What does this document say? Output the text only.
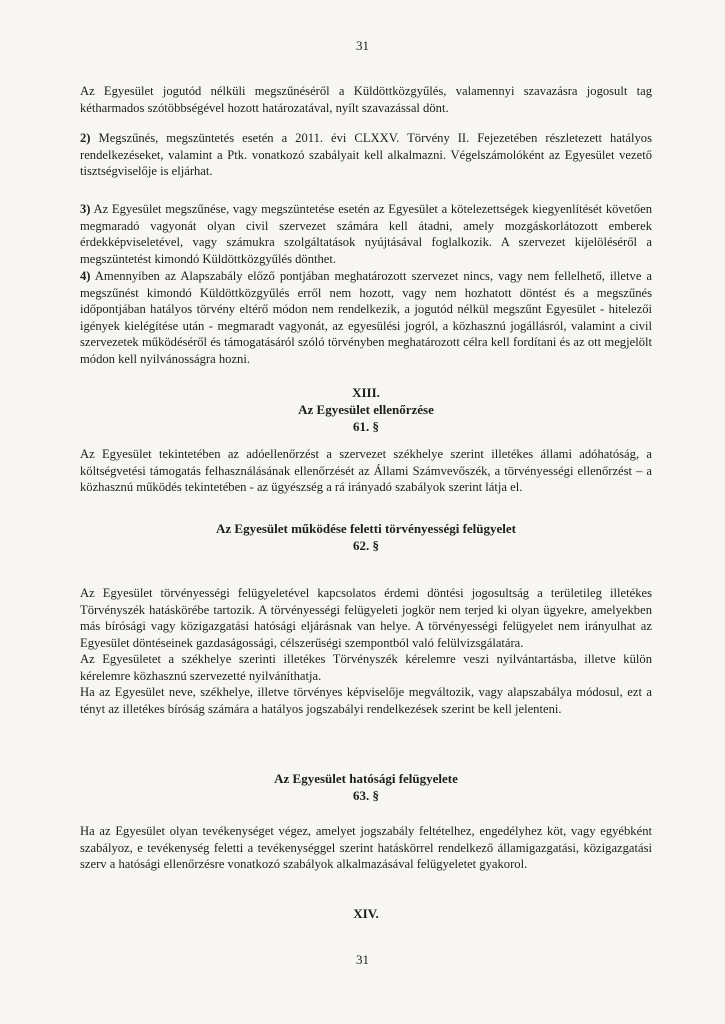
31
Az Egyesület jogutód nélküli megszűnéséről a Küldöttközgyűlés, valamennyi szavazásra jogosult tag kétharmados szótöbbségével hozott határozatával, nyílt szavazással dönt.
2) Megszűnés, megszüntetés esetén a 2011. évi CLXXV. Törvény II. Fejezetében részletezett hatályos rendelkezéseket, valamint a Ptk. vonatkozó szabályait kell alkalmazni. Végelszámolóként az Egyesület vezető tisztségviselője is eljárhat.
3) Az Egyesület megszűnése, vagy megszüntetése esetén az Egyesület a kötelezettségek kiegyenlítését követően megmaradó vagyonát olyan civil szervezet számára kell átadni, amely mozgáskorlátozott emberek érdekképviseletével, vagy számukra szolgáltatások nyújtásával foglalkozik. A szervezet kijelöléséről a megszüntetést kimondó Küldöttközgyűlés dönthet.
4) Amennyiben az Alapszabály előző pontjában meghatározott szervezet nincs, vagy nem fellelhető, illetve a megszűnést kimondó Küldöttközgyűlés erről nem hozott, vagy nem hozhatott döntést és a megszűnés időpontjában hatályos törvény eltérő módon nem rendelkezik, a jogutód nélkül megszűnt Egyesület - hitelezői igények kielégítése után - megmaradt vagyonát, az egyesülési jogról, a közhasznú jogállásról, valamint a civil szervezetek működéséről és támogatásáról szóló törvényben meghatározott célra kell fordítani és az ott megjelölt módon kell nyilvánosságra hozni.
XIII.
Az Egyesület ellenőrzése
61. §
Az Egyesület tekintetében az adóellenőrzést a szervezet székhelye szerint illetékes állami adóhatóság, a költségvetési támogatás felhasználásának ellenőrzését az Állami Számvevőszék, a törvényességi ellenőrzést – a közhasznú működés tekintetében - az ügyészség a rá irányadó szabályok szerint látja el.
Az Egyesület működése feletti törvényességi felügyelet
62. §
Az Egyesület törvényességi felügyeletével kapcsolatos érdemi döntési jogosultság a területileg illetékes Törvényszék hatáskörébe tartozik. A törvényességi felügyeleti jogkör nem terjed ki olyan ügyekre, amelyekben más bírósági vagy közigazgatási hatósági eljárásnak van helye. A törvényességi felügyelet nem irányulhat az Egyesület döntéseinek gazdaságossági, célszerűségi szempontból való felülvizsgálatára.
Az Egyesületet a székhelye szerinti illetékes Törvényszék kérelemre veszi nyilvántartásba, illetve külön kérelemre közhasznú szervezetté nyilváníthatja.
Ha az Egyesület neve, székhelye, illetve törvényes képviselője megváltozik, vagy alapszabálya módosul, ezt a tényt az illetékes bíróság számára a hatályos jogszabályi rendelkezések szerint be kell jelenteni.
Az Egyesület hatósági felügyelete
63. §
Ha az Egyesület olyan tevékenységet végez, amelyet jogszabály feltételhez, engedélyhez köt, vagy egyébként szabályoz, e tevékenység feletti a tevékenységgel szerint hatáskörrel rendelkező államigazgatási, közigazgatási szerv a hatósági ellenőrzésre vonatkozó szabályok alkalmazásával felügyeletet gyakorol.
XIV.
31
